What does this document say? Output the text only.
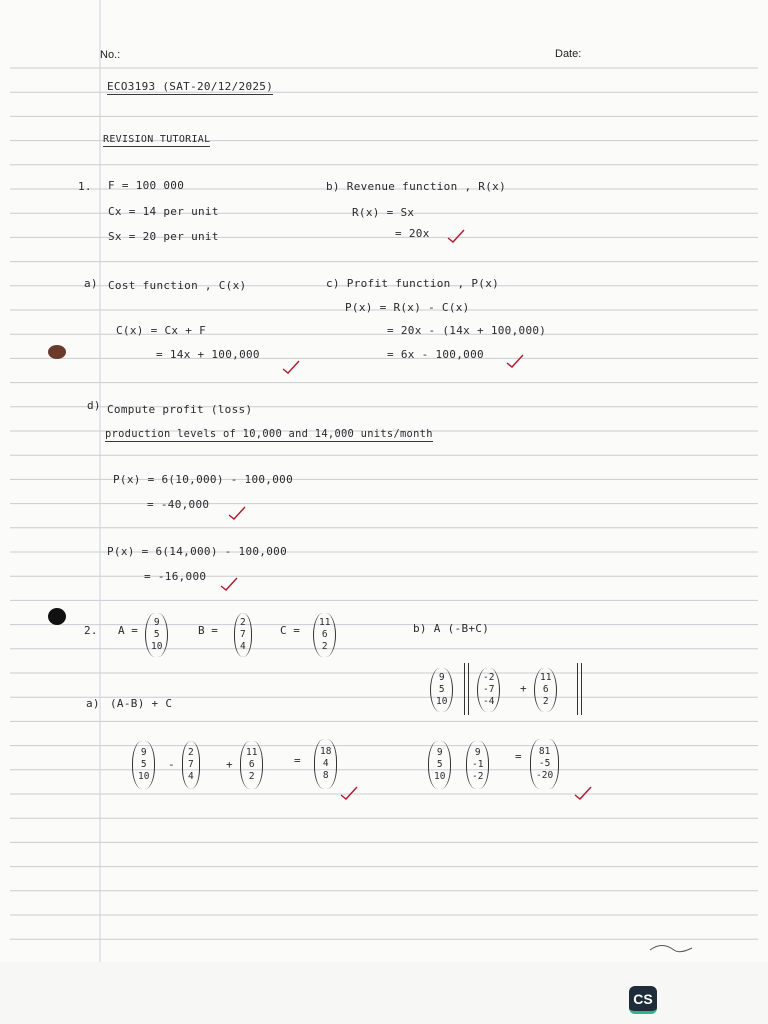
No.:	Date:
ECO3193 (SAT-20/12/2025)
REVISION TUTORIAL
1. F = 100 000
Cx = 14 per unit
Sx = 20 per unit
b) Revenue function , R(x)
R(x) = Sx
= 20x
a) Cost function , C(x)
C(x) = Cx + F
= 14x + 100,000
c) Profit function , P(x)
P(x) = R(x) - C(x)
= 20x - (14x + 100,000)
= 6x - 100,000
d) Compute profit (loss)
production levels of 10,000 and 14,000 units/month
P(x) = 6(10,000) - 100,000
= -40,000
P(x) = 6(14,000) - 100,000
= -16,000
2. A =
9
5
10
B =
2
7
4
C =
11
6
2
b) A (-B+C)
9
5
10
-2
-7
-4
+
11
6
2
a) (A-B) + C
9
5
10
-
2
7
4
+
11
6
2
=
18
4
8
9
5
10
9
-1
-2
= 81
-5
-20
CS
